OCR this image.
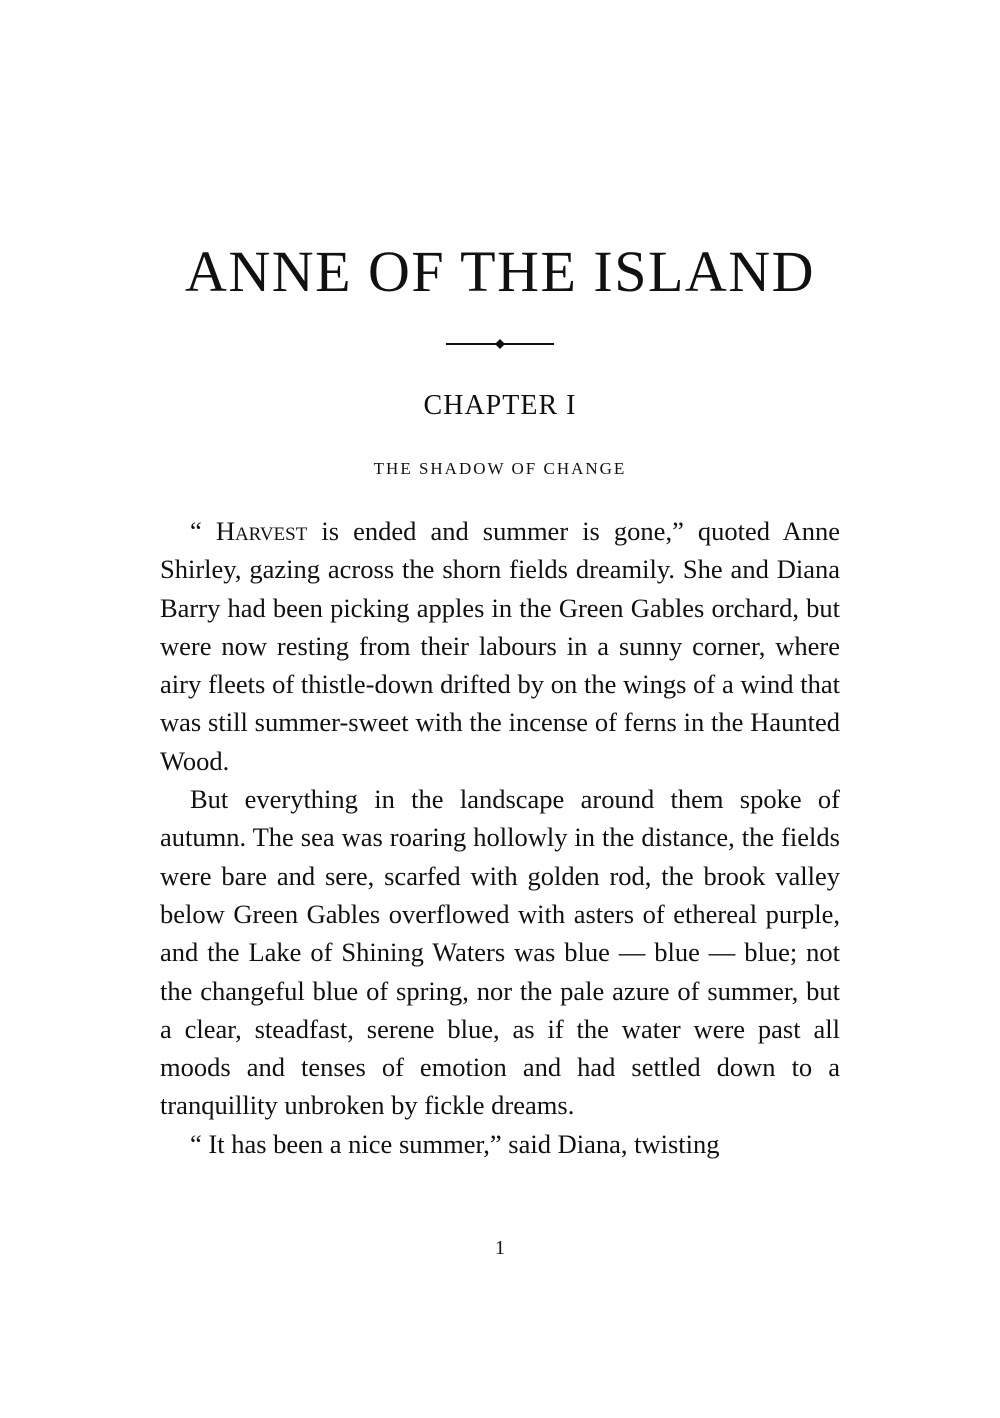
ANNE OF THE ISLAND
CHAPTER I
THE SHADOW OF CHANGE

“ Harvest is ended and summer is gone,” quoted Anne Shirley, gazing across the shorn fields dreamily. She and Diana Barry had been picking apples in the Green Gables orchard, but were now resting from their labours in a sunny corner, where airy fleets of thistle-down drifted by on the wings of a wind that was still summer-sweet with the incense of ferns in the Haunted Wood.

But everything in the landscape around them spoke of autumn. The sea was roaring hollowly in the distance, the fields were bare and sere, scarfed with golden rod, the brook valley below Green Gables overflowed with asters of ethereal purple, and the Lake of Shining Waters was blue — blue — blue; not the changeful blue of spring, nor the pale azure of summer, but a clear, steadfast, serene blue, as if the water were past all moods and tenses of emotion and had settled down to a tranquillity unbroken by fickle dreams.

“ It has been a nice summer,” said Diana, twisting

1
